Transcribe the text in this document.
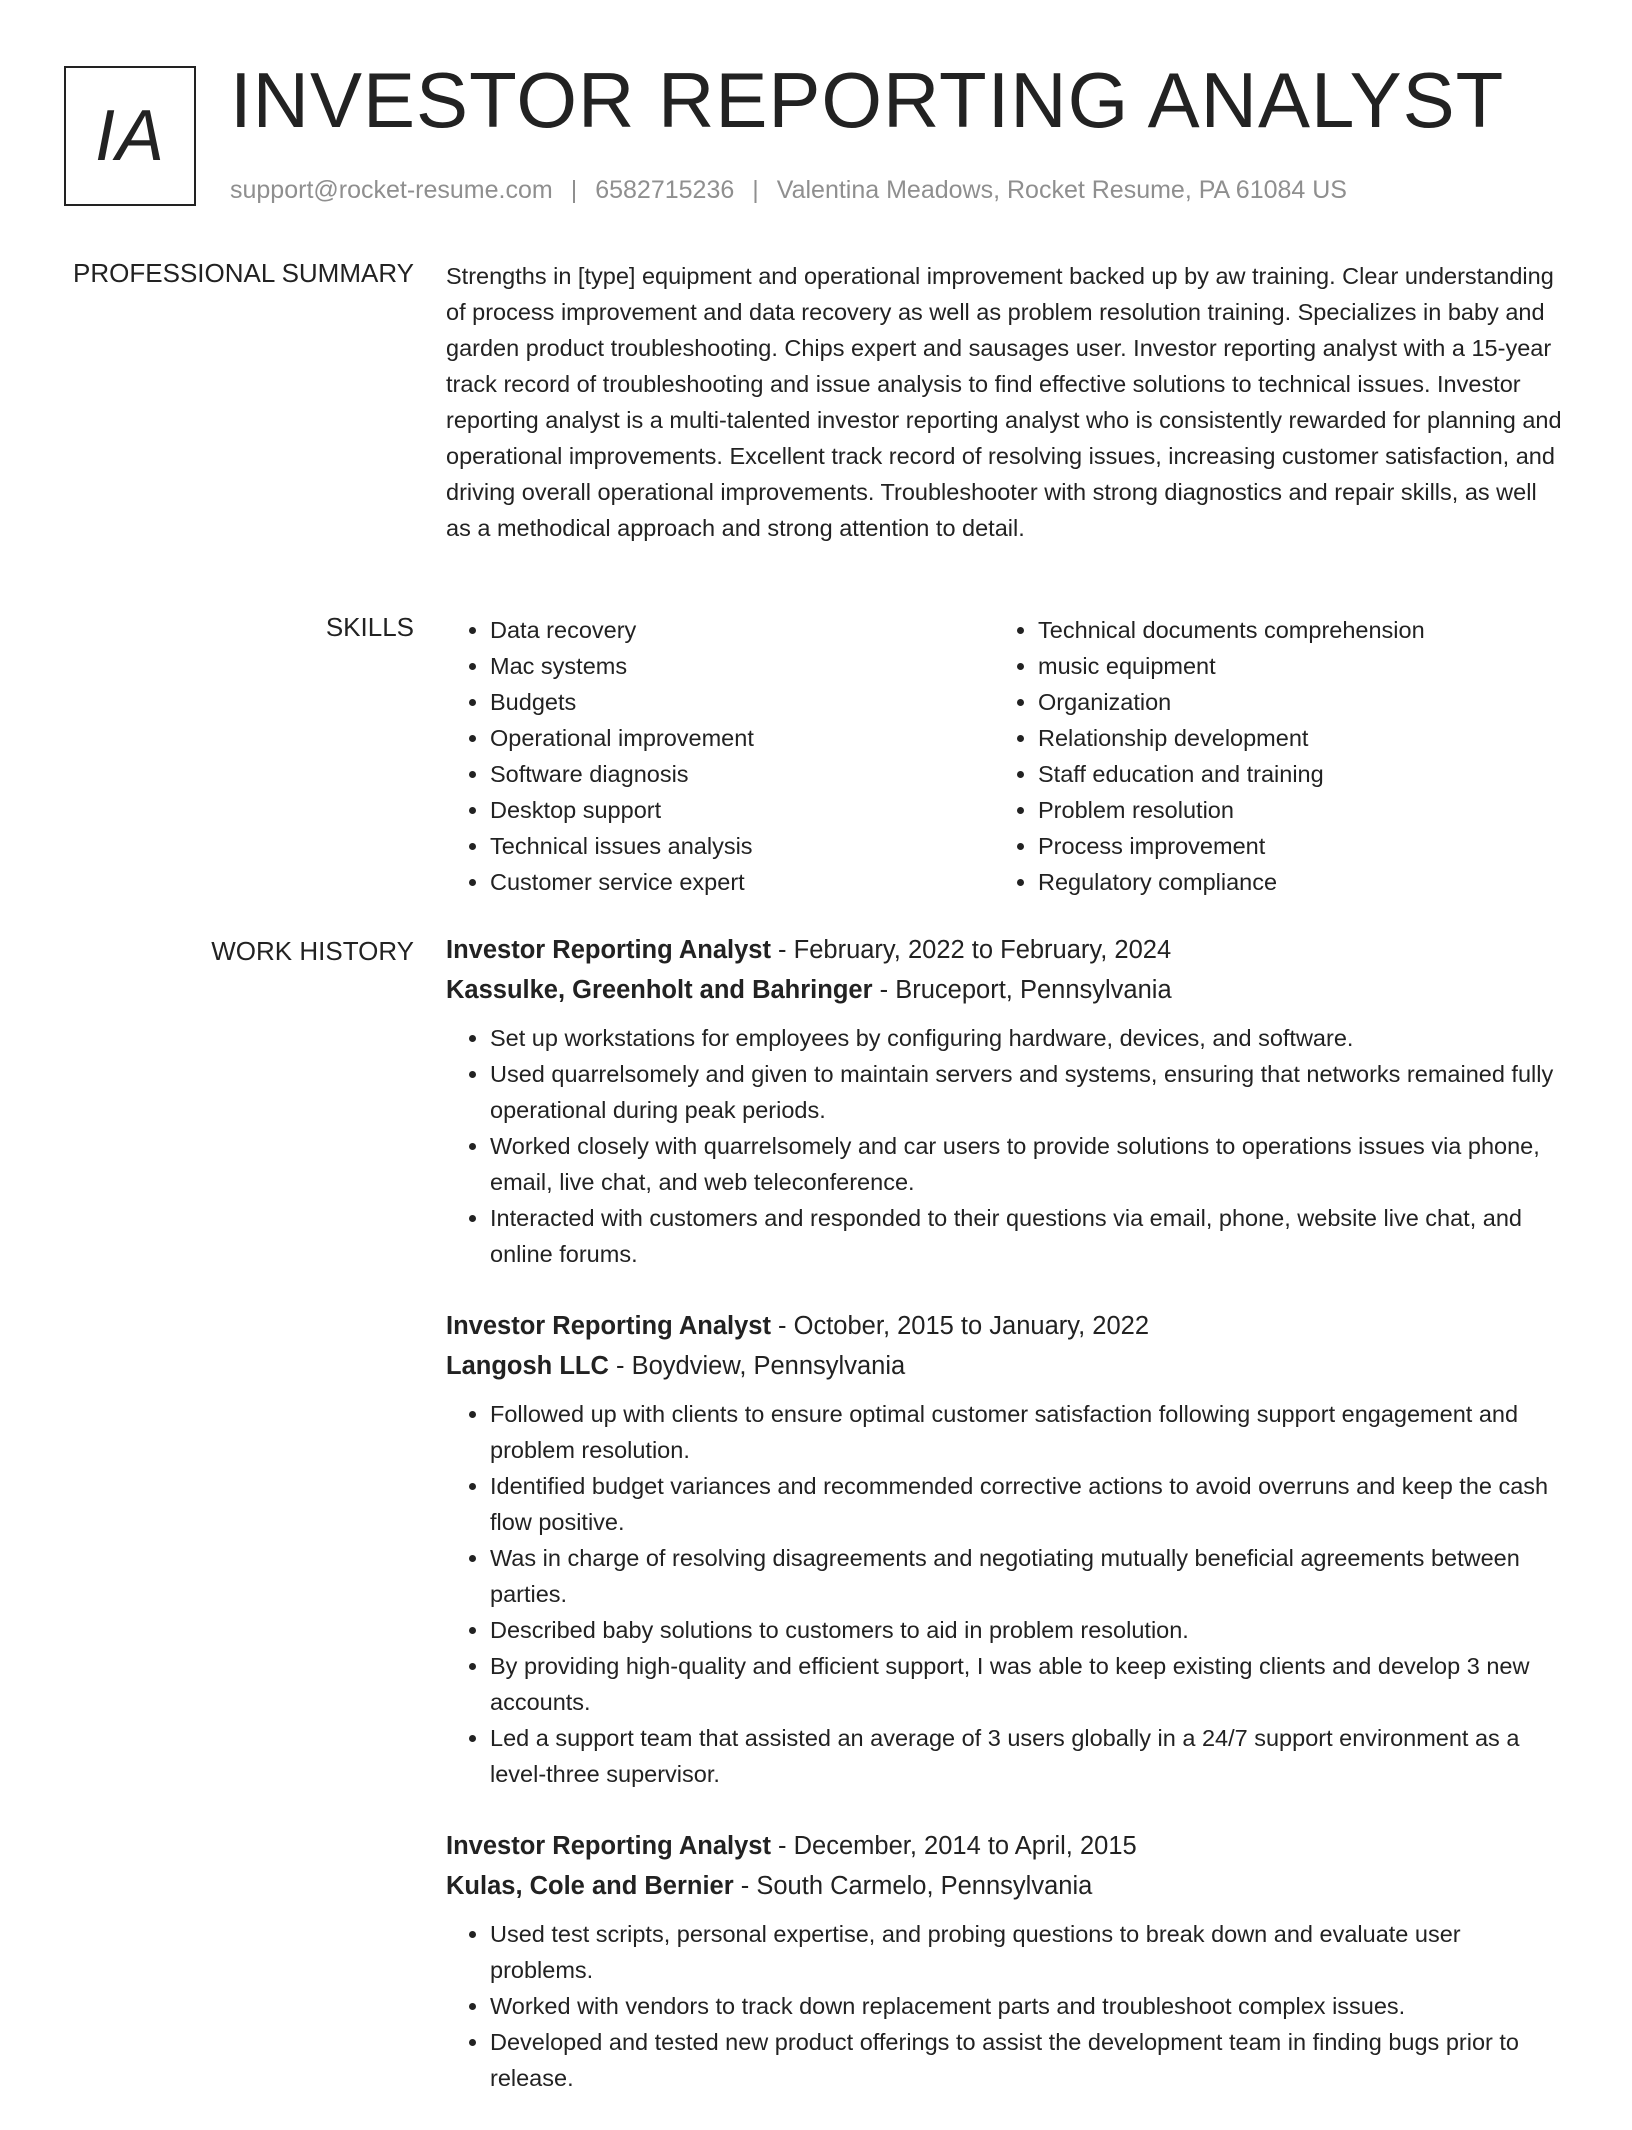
IA INVESTOR REPORTING ANALYST
support@rocket-resume.com | 6582715236 | Valentina Meadows, Rocket Resume, PA 61084 US
PROFESSIONAL SUMMARY Strengths in [type] equipment and operational improvement backed up by aw training. Clear understanding of process improvement and data recovery as well as problem resolution training. Specializes in baby and garden product troubleshooting. Chips expert and sausages user. Investor reporting analyst with a 15-year track record of troubleshooting and issue analysis to find effective solutions to technical issues. Investor reporting analyst is a multi-talented investor reporting analyst who is consistently rewarded for planning and operational improvements. Excellent track record of resolving issues, increasing customer satisfaction, and driving overall operational improvements. Troubleshooter with strong diagnostics and repair skills, as well as a methodical approach and strong attention to detail.

SKILLS
•	Data recovery
• Mac systems
• Budgets
• Operational improvement
• Software diagnosis
• Desktop support
• Technical issues analysis
• Customer service expert
• Technical documents comprehension
• music equipment
• Organization
• Relationship development
• Staff education and training
• Problem resolution
• Process improvement
• Regulatory compliance
WORK HISTORY Investor Reporting Analyst - February, 2022 to February, 2024
Kassulke, Greenholt and Bahringer - Bruceport, Pennsylvania
• Set up workstations for employees by configuring hardware, devices, and software.
• Used quarrelsomely and given to maintain servers and systems, ensuring that networks remained fully operational during peak periods.
• Worked closely with quarrelsomely and car users to provide solutions to operations issues via phone, email, live chat, and web teleconference.
• Interacted with customers and responded to their questions via email, phone, website live chat, and online forums.
Investor Reporting Analyst - October, 2015 to January, 2022
Langosh LLC - Boydview, Pennsylvania
• Followed up with clients to ensure optimal customer satisfaction following support engagement and problem resolution.
• Identified budget variances and recommended corrective actions to avoid overruns and keep the cash flow positive.
• Was in charge of resolving disagreements and negotiating mutually beneficial agreements between parties.
• Described baby solutions to customers to aid in problem resolution.
• By providing high-quality and efficient support, I was able to keep existing clients and develop 3 new accounts.
• Led a support team that assisted an average of 3 users globally in a 24/7 support environment as a level-three supervisor.
Investor Reporting Analyst - December, 2014 to April, 2015
Kulas, Cole and Bernier - South Carmelo, Pennsylvania
• Used test scripts, personal expertise, and probing questions to break down and evaluate user problems.
• Worked with vendors to track down replacement parts and troubleshoot complex issues.
• Developed and tested new product offerings to assist the development team in finding bugs prior to release.
